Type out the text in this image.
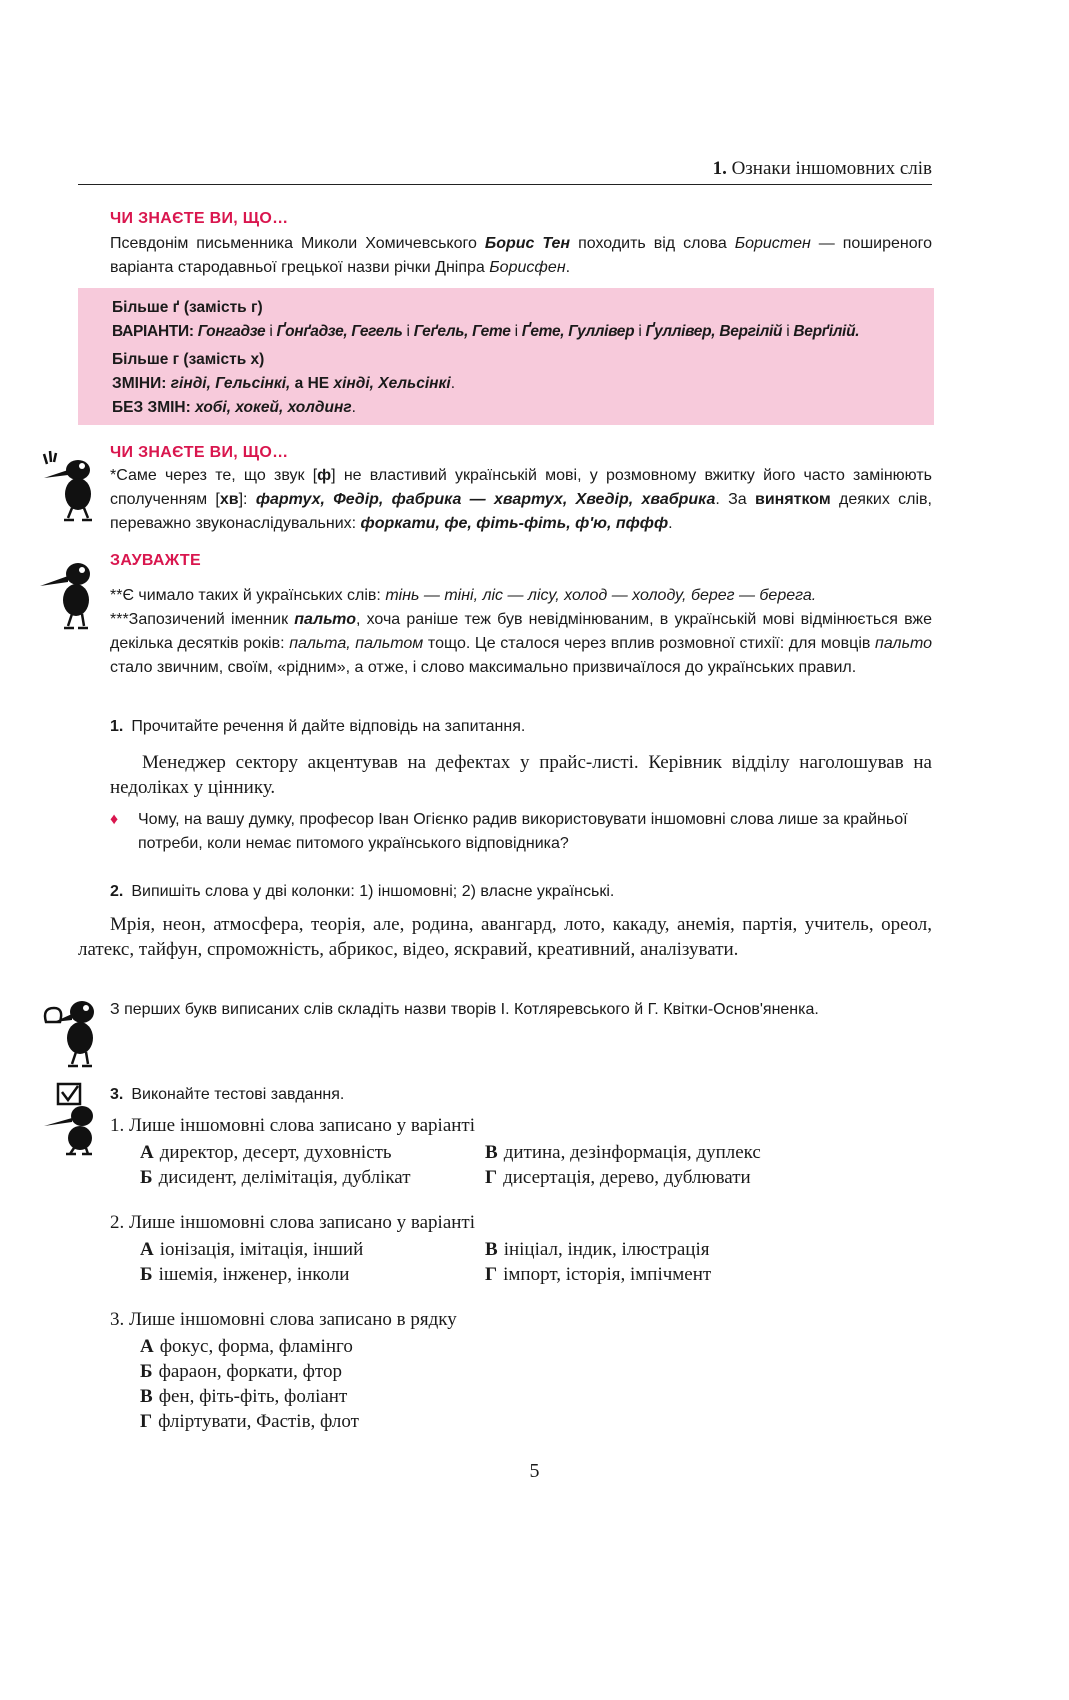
1. Ознаки іншомовних слів
ЧИ ЗНАЄТЕ ВИ, ЩО…
Псевдонім письменника Миколи Хомичевського Борис Тен походить від слова Бористен — поширеного варіанта стародавньої грецької назви річки Дніпра Борисфен.

Більше ґ (замість г)

ВАРІАНТИ: Гонгадзе і Ґонґадзе, Гегель і Геґель, Гете і Ґете, Гуллівер і Ґуллівер, Вергілій і Верґілій.

Більше г (замість х)

ЗМІНИ: гінді, Гельсінкі, а НЕ хінді, Хельсінкі.

БЕЗ ЗМІН: хобі, хокей, холдинг.

ЧИ ЗНАЄТЕ ВИ, ЩО…
*Саме через те, що звук [ф] не властивий українській мові, у розмовному вжитку його часто замінюють сполученням [хв]: фартух, Федір, фабрика — хвартух, Хведір, хвабрика. За винятком деяких слів, переважно звуконаслідувальних: форкати, фе, фіть-фіть, ф'ю, пффф.
ЗАУВАЖТЕ
**Є чимало таких й українських слів: тінь — тіні, ліс — лісу, холод — холоду, берег — берега.
***Запозичений іменник пальто, хоча раніше теж був невідмінюваним, в українській мові відмінюється вже декілька десятків років: пальта, пальтом тощо. Це сталося через вплив розмовної стихії: для мовців пальто стало звичним, своїм, «рідним», а отже, і слово максимально призвичаїлося до українських правил.
1. Прочитайте речення й дайте відповідь на запитання.
Менеджер сектору акцентував на дефектах у прайс-листі. Керівник відділу наголошував на недоліках у ціннику.
♦	Чому, на вашу думку, професор Іван Огієнко радив використовувати іншомовні слова лише за крайньої потреби, коли немає питомого українського відповідника?
2. Випишіть слова у дві колонки: 1) іншомовні; 2) власне українські.
Мрія, неон, атмосфера, теорія, але, родина, авангард, лото, какаду, анемія, партія, учитель, ореол, латекс, тайфун, спроможність, абрикос, відео, яскравий, креативний, аналізувати.
З перших букв виписаних слів складіть назви творів І. Котляревського й Г. Квітки-Основ'яненка.
3. Виконайте тестові завдання.
1. Лише іншомовні слова записано у варіанті
А директор, десерт, духовність	В дитина, дезінформація, дуплекс
Б дисидент, делімітація, дублікат	Г дисертація, дерево, дублювати
2. Лише іншомовні слова записано у варіанті
А іонізація, імітація, інший	В ініціал, індик, ілюстрація
Б ішемія, інженер, інколи	Г імпорт, історія, імпічмент
3. Лише іншомовні слова записано в рядку
А фокус, форма, фламінго
Б фараон, форкати, фтор
В фен, фіть-фіть, фоліант
Г фліртувати, Фастів, флот
5
